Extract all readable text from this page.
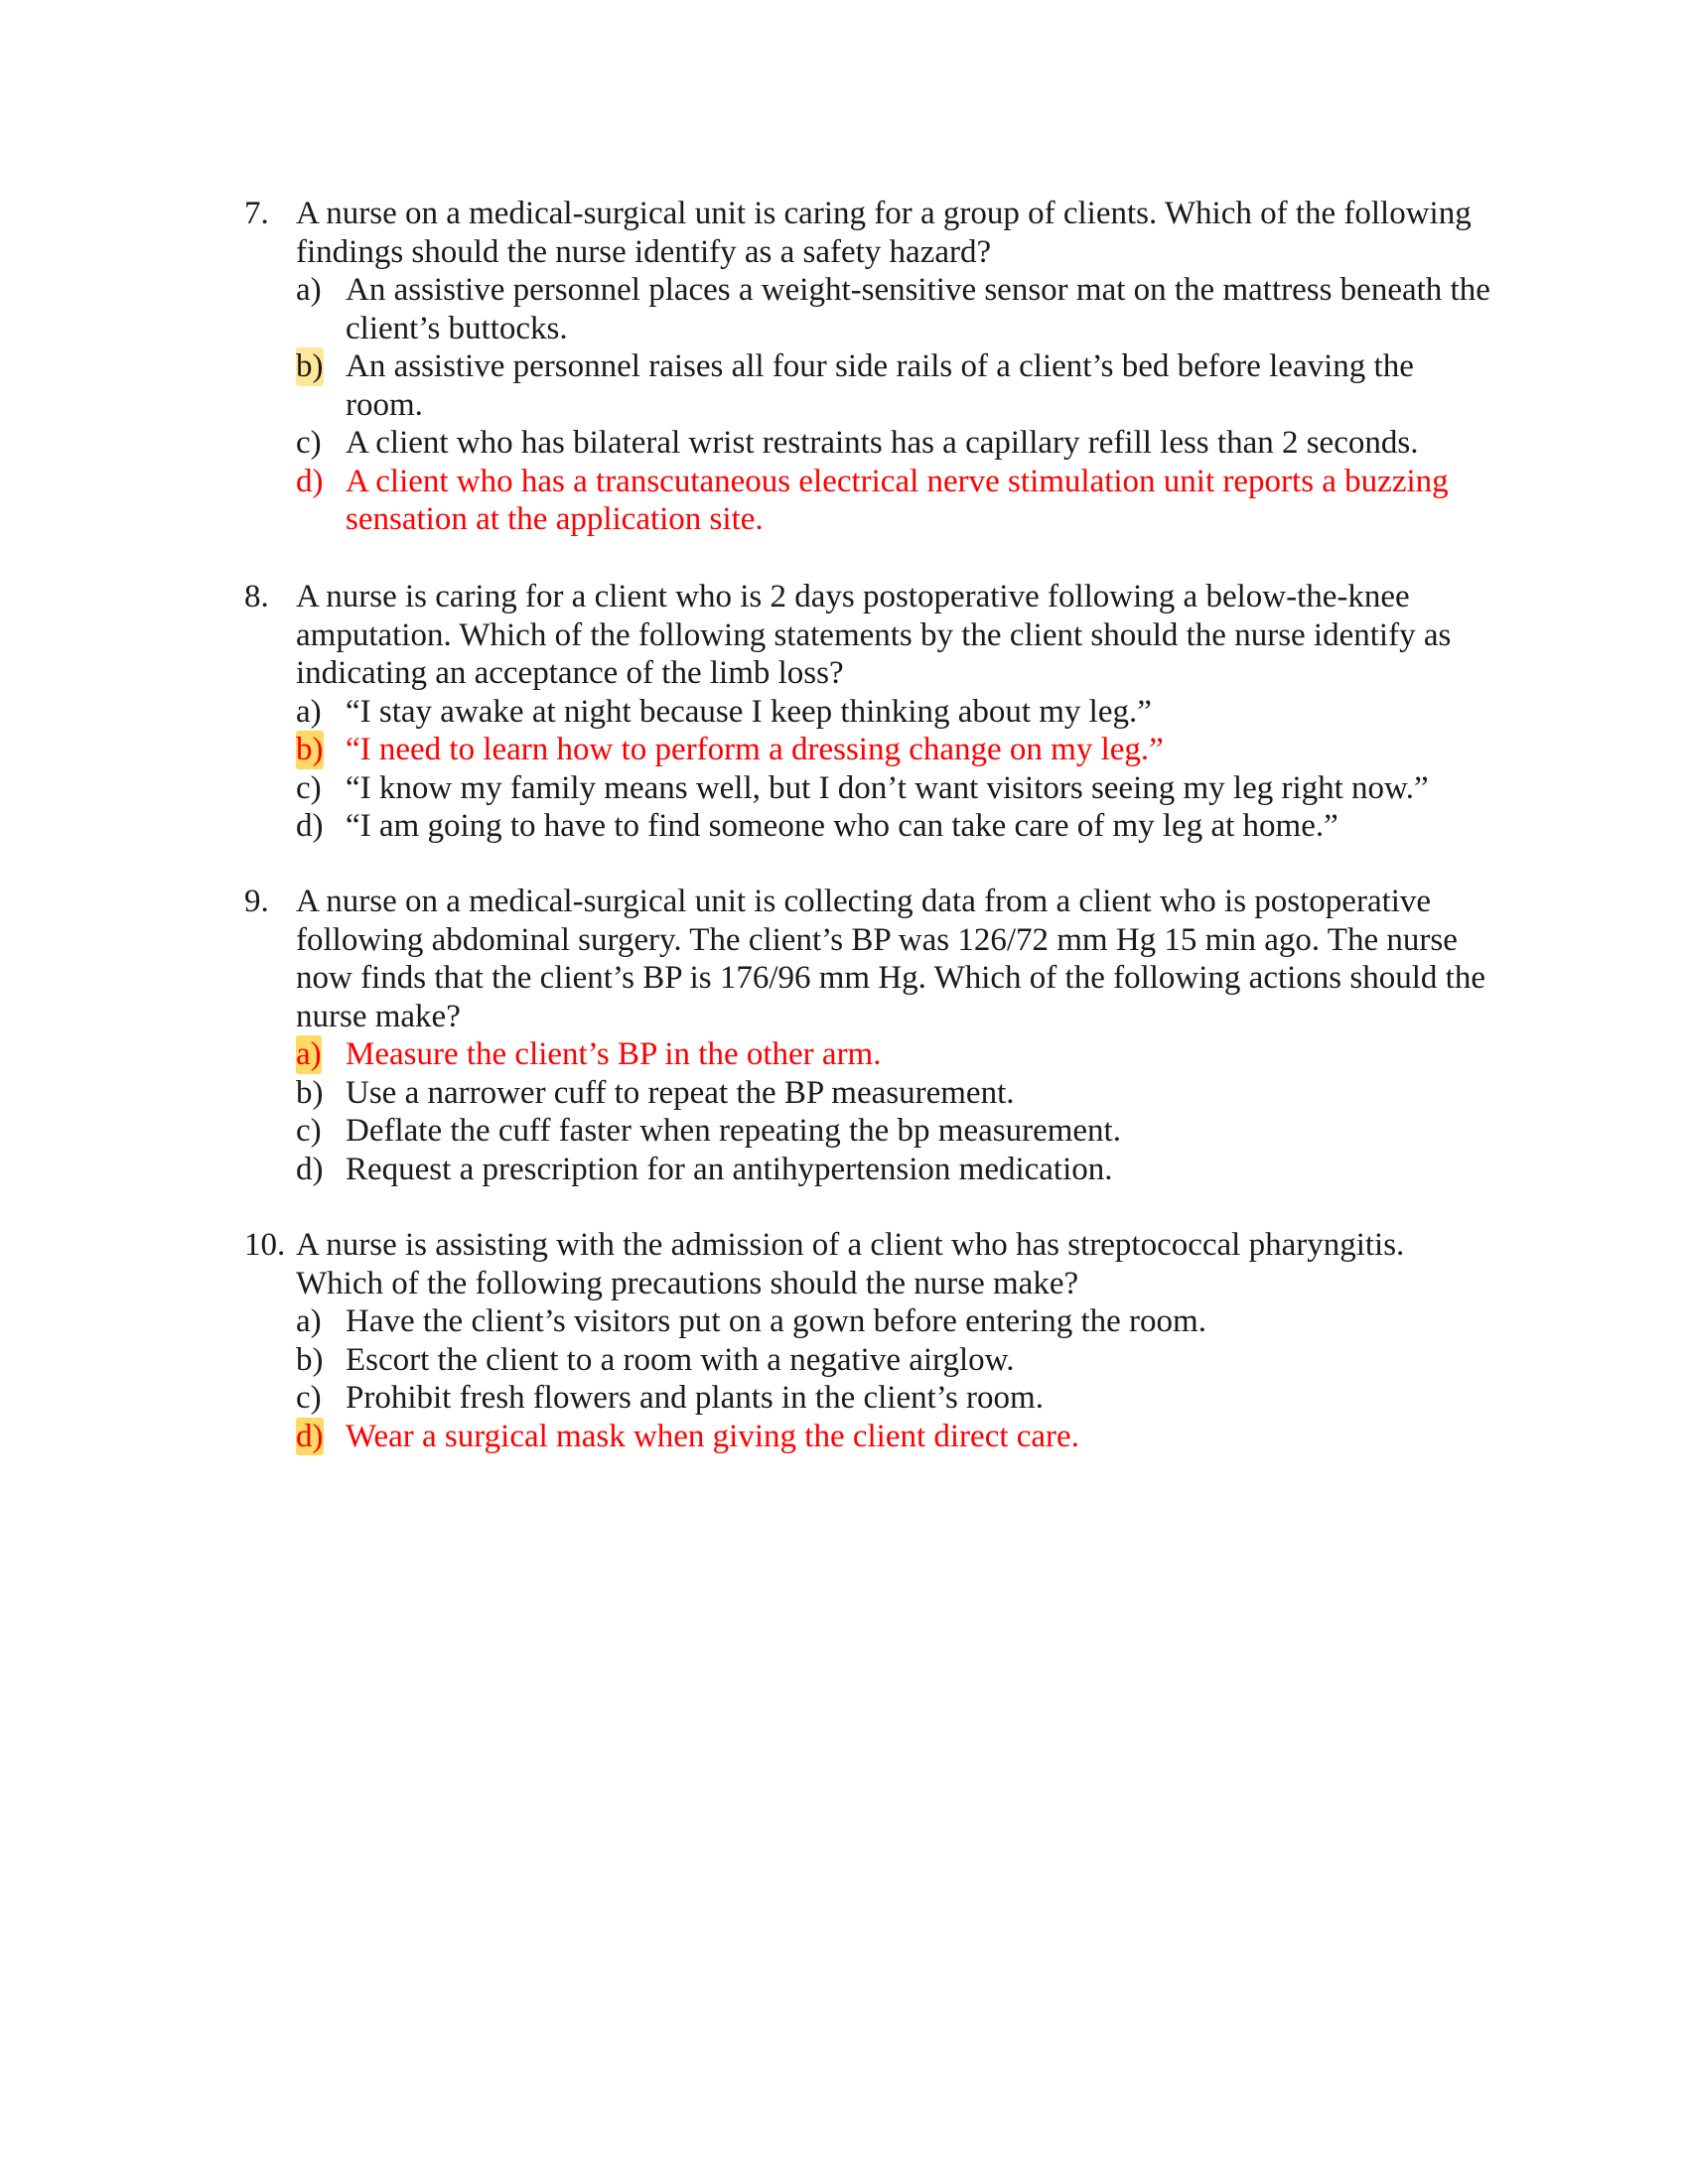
7. A nurse on a medical-surgical unit is caring for a group of clients. Which of the following findings should the nurse identify as a safety hazard?
a) An assistive personnel places a weight-sensitive sensor mat on the mattress beneath the client’s buttocks.
b) An assistive personnel raises all four side rails of a client’s bed before leaving the room.
c) A client who has bilateral wrist restraints has a capillary refill less than 2 seconds.
d) A client who has a transcutaneous electrical nerve stimulation unit reports a buzzing sensation at the application site.
8. A nurse is caring for a client who is 2 days postoperative following a below-the-knee amputation. Which of the following statements by the client should the nurse identify as indicating an acceptance of the limb loss?
a) “I stay awake at night because I keep thinking about my leg.”
b) “I need to learn how to perform a dressing change on my leg.”
c) “I know my family means well, but I don’t want visitors seeing my leg right now.”
d) “I am going to have to find someone who can take care of my leg at home.”
9. A nurse on a medical-surgical unit is collecting data from a client who is postoperative following abdominal surgery. The client’s BP was 126/72 mm Hg 15 min ago. The nurse now finds that the client’s BP is 176/96 mm Hg. Which of the following actions should the nurse make?
a) Measure the client’s BP in the other arm.
b) Use a narrower cuff to repeat the BP measurement.
c) Deflate the cuff faster when repeating the bp measurement.
d) Request a prescription for an antihypertension medication.
10. A nurse is assisting with the admission of a client who has streptococcal pharyngitis. Which of the following precautions should the nurse make?
a) Have the client’s visitors put on a gown before entering the room.
b) Escort the client to a room with a negative airglow.
c) Prohibit fresh flowers and plants in the client’s room.
d) Wear a surgical mask when giving the client direct care.
